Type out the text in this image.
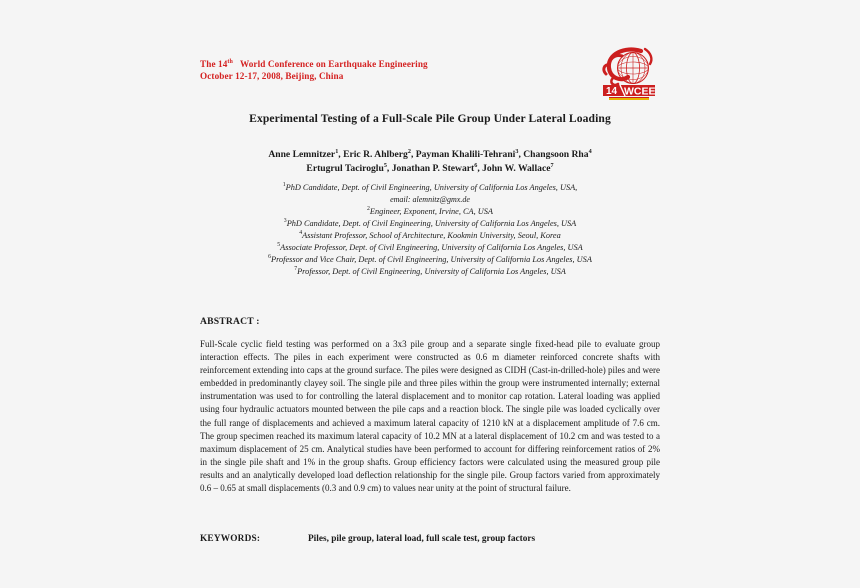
The 14th World Conference on Earthquake Engineering
October 12-17, 2008, Beijing, China
14 WCEE
Experimental Testing of a Full-Scale Pile Group Under Lateral Loading
Anne Lemnitzer$^1$, Eric R. Ahlberg$^2$, Payman Khalili-Tehrani$^3$, Changsoon Rha$^4$
Ertugrul Taciroglu$^5$, Jonathan P. Stewart$^6$, John W. Wallace$^7$
$^1$PhD Candidate, Dept. of Civil Engineering, University of California Los Angeles, USA,
email: alemnitz@gmx.de
$^2$Engineer, Exponent, Irvine, CA, USA
$^3$PhD Candidate, Dept. of Civil Engineering, University of California Los Angeles, USA
$^4$Assistant Professor, School of Architecture, Kookmin University, Seoul, Korea
$^5$Associate Professor, Dept. of Civil Engineering, University of California Los Angeles, USA
$^6$Professor and Vice Chair, Dept. of Civil Engineering, University of California Los Angeles, USA
$^7$Professor, Dept. of Civil Engineering, University of California Los Angeles, USA
ABSTRACT :
Full-Scale cyclic field testing was performed on a 3x3 pile group and a separate single fixed-head pile to evaluate group interaction effects. The piles in each experiment were constructed as 0.6 m diameter reinforced concrete shafts with reinforcement extending into caps at the ground surface. The piles were designed as CIDH (Cast-in-drilled-hole) piles and were embedded in predominantly clayey soil. The single pile and three piles within the group were instrumented internally; external instrumentation was used to for controlling the lateral displacement and to monitor cap rotation. Lateral loading was applied using four hydraulic actuators mounted between the pile caps and a reaction block. The single pile was loaded cyclically over the full range of displacements and achieved a maximum lateral capacity of 1210 kN at a displacement amplitude of 7.6 cm. The group specimen reached its maximum lateral capacity of 10.2 MN at a lateral displacement of 10.2 cm and was tested to a maximum displacement of 25 cm. Analytical studies have been performed to account for differing reinforcement ratios of 2% in the single pile shaft and 1% in the group shafts. Group efficiency factors were calculated using the measured group pile results and an analytically developed load deflection relationship for the single pile. Group factors varied from approximately 0.6 – 0.65 at small displacements (0.3 and 0.9 cm) to values near unity at the point of structural failure.
KEYWORDS:	Piles, pile group, lateral load, full scale test, group factors
